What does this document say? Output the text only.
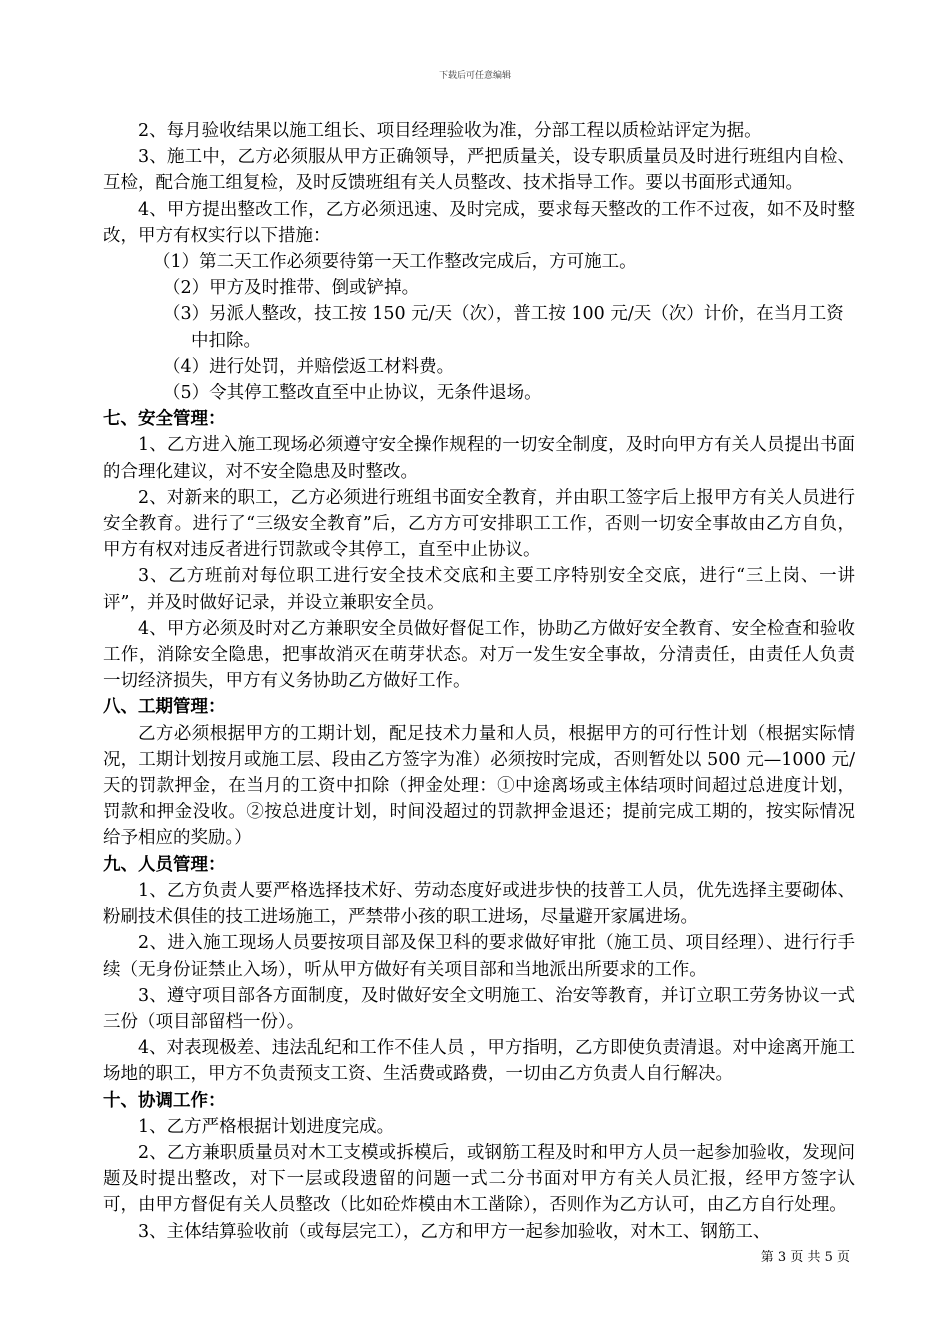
下载后可任意编辑

2、每月验收结果以施工组长、项目经理验收为准，分部工程以质检站评定为据。

3、施工中，乙方必须服从甲方正确领导，严把质量关，设专职质量员及时进行班组内自检、互检，配合施工组复检，及时反馈班组有关人员整改、技术指导工作。要以书面形式通知。

4、甲方提出整改工作，乙方必须迅速、及时完成，要求每天整改的工作不过夜，如不及时整改，甲方有权实行以下措施：

（1）第二天工作必须要待第一天工作整改完成后，方可施工。

（2）甲方及时推带、倒或铲掉。

（3）另派人整改，技工按 150 元/天（次），普工按 100 元/天（次）计价，在当月工资中扣除。

（4）进行处罚，并赔偿返工材料费。

（5）令其停工整改直至中止协议，无条件退场。

七、安全管理：

1、乙方进入施工现场必须遵守安全操作规程的一切安全制度，及时向甲方有关人员提出书面的合理化建议，对不安全隐患及时整改。

2、对新来的职工，乙方必须进行班组书面安全教育，并由职工签字后上报甲方有关人员进行安全教育。进行了“三级安全教育”后，乙方方可安排职工工作，否则一切安全事故由乙方自负，甲方有权对违反者进行罚款或令其停工，直至中止协议。

3、乙方班前对每位职工进行安全技术交底和主要工序特别安全交底，进行“三上岗、一讲评”，并及时做好记录，并设立兼职安全员。

4、甲方必须及时对乙方兼职安全员做好督促工作，协助乙方做好安全教育、安全检查和验收工作，消除安全隐患，把事故消灭在萌芽状态。对万一发生安全事故，分清责任，由责任人负责一切经济损失，甲方有义务协助乙方做好工作。

八、工期管理：

乙方必须根据甲方的工期计划，配足技术力量和人员，根据甲方的可行性计划（根据实际情况，工期计划按月或施工层、段由乙方签字为准）必须按时完成，否则暂处以 500 元—1000 元/天的罚款押金，在当月的工资中扣除（押金处理：①中途离场或主体结项时间超过总进度计划，罚款和押金没收。②按总进度计划，时间没超过的罚款押金退还；提前完成工期的，按实际情况给予相应的奖励。）

九、人员管理：

1、乙方负责人要严格选择技术好、劳动态度好或进步快的技普工人员，优先选择主要砌体、粉刷技术俱佳的技工进场施工，严禁带小孩的职工进场，尽量避开家属进场。

2、进入施工现场人员要按项目部及保卫科的要求做好审批（施工员、项目经理）、进行行手续（无身份证禁止入场），听从甲方做好有关项目部和当地派出所要求的工作。

3、遵守项目部各方面制度，及时做好安全文明施工、治安等教育，并订立职工劳务协议一式三份（项目部留档一份）。

4、对表现极差、违法乱纪和工作不佳人员 ，甲方指明，乙方即使负责清退。对中途离开施工场地的职工，甲方不负责预支工资、生活费或路费，一切由乙方负责人自行解决。

十、协调工作：

1、乙方严格根据计划进度完成。

2、乙方兼职质量员对木工支模或拆模后，或钢筋工程及时和甲方人员一起参加验收，发现问题及时提出整改，对下一层或段遗留的问题一式二分书面对甲方有关人员汇报，经甲方签字认可，由甲方督促有关人员整改（比如砼炸模由木工凿除），否则作为乙方认可，由乙方自行处理。

3、主体结算验收前（或每层完工），乙方和甲方一起参加验收，对木工、钢筋工、

第 3 页 共 5 页
